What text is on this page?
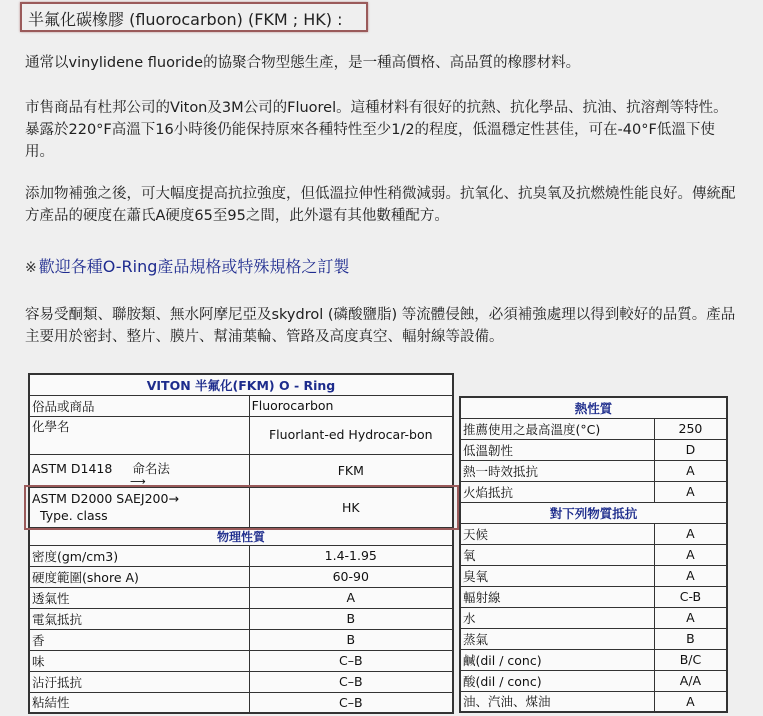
半氟化碳橡膠 (fluorocarbon) (FKM ; HK) :

通常以vinylidene fluoride的協聚合物型態生產，是一種高價格、高品質的橡膠材料。

市售商品有杜邦公司的Viton及3M公司的Fluorel。這種材料有很好的抗熱、抗化學品、抗油、抗溶劑等特性。暴露於220°F高溫下16小時後仍能保持原來各種特性至少1/2的程度，低溫穩定性甚佳，可在-40°F低溫下使用。

添加物補強之後，可大幅度提高抗拉強度，但低溫拉伸性稍微減弱。抗氧化、抗臭氧及抗燃燒性能良好。傳統配方產品的硬度在蕭氏A硬度65至95之間，此外還有其他數種配方。

※ 歡迎各種O-Ring產品規格或特殊規格之訂製

容易受酮類、聯胺類、無水阿摩尼亞及skydrol (磷酸鹽脂) 等流體侵蝕，必須補強處理以得到較好的品質。產品主要用於密封、整片、膜片、幫浦葉輪、管路及高度真空、輻射線等設備。

VITON 半氟化(FKM) O - Ring	
俗品或商品	Fluorocarbon
化學名	Fluorlant-ed Hydrocar-bon
ASTM D1418 命名法
⟶	FKM

ASTM D2000 SAEJ200→
Type. class	HK
物理性質	
密度(gm/cm3)	1.4-1.95
硬度範圍(shore A)	60-90
透氣性	A
電氣抵抗	B
香	B
味	C–B
沾汙抵抗	C–B
粘結性	C–B
熱性質	
推薦使用之最高溫度(°C)	250
低溫韌性	D
熱一時效抵抗	A
火焰抵抗	A
對下列物質抵抗	
天候	A
氧	A
臭氧	A
輻射線	C-B
水	A
蒸氣	B
鹹(dil / conc)	B/C
酸(dil / conc)	A/A
油、汽油、煤油	A
